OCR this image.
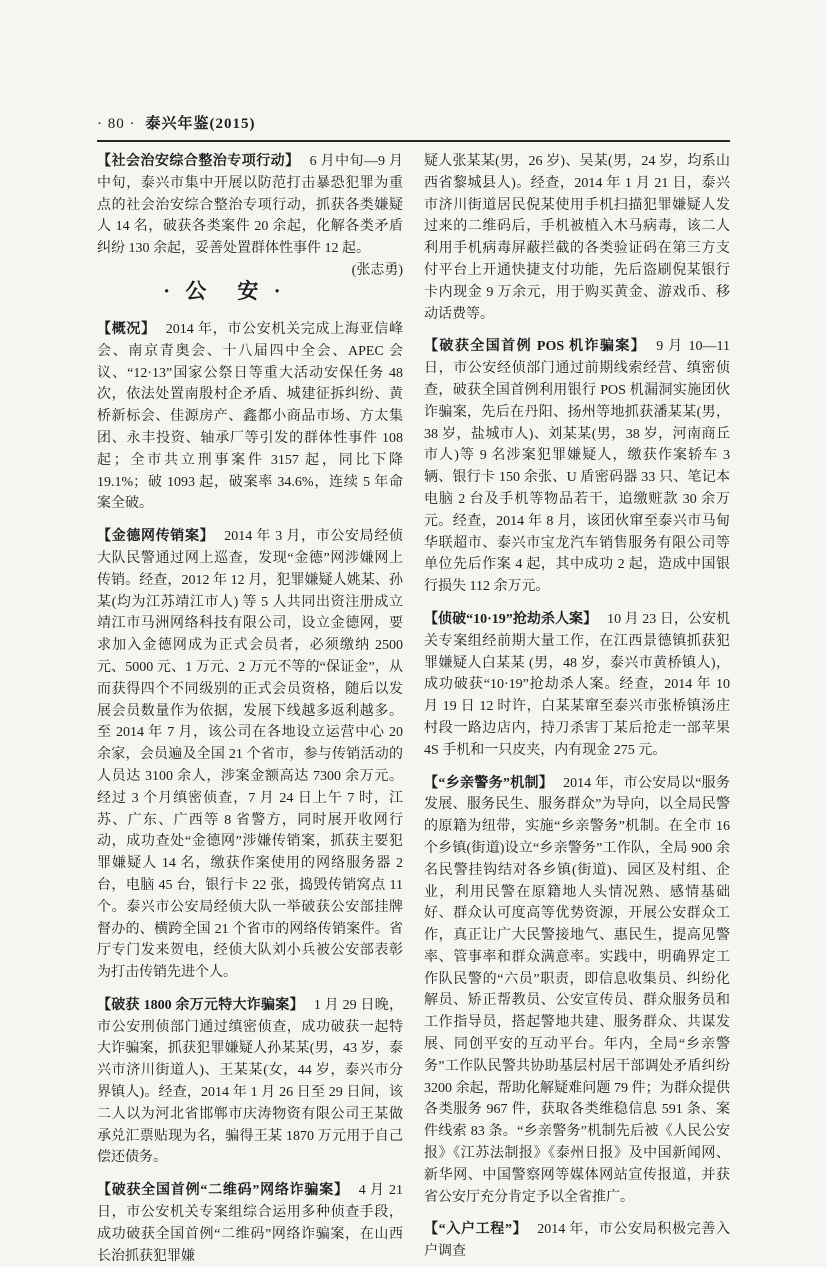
· 80 · 泰兴年鉴(2015)

【社会治安综合整治专项行动】 6 月中旬—9 月中旬，泰兴市集中开展以防范打击暴恐犯罪为重点的社会治安综合整治专项行动，抓获各类嫌疑人 14 名，破获各类案件 20 余起，化解各类矛盾纠纷 130 余起，妥善处置群体性事件 12 起。
(张志勇)

· 公　安 ·

【概况】 2014 年，市公安机关完成上海亚信峰会、南京青奥会、十八届四中全会、APEC 会议、“12·13”国家公祭日等重大活动安保任务 48 次，依法处置南殷村企矛盾、城建征拆纠纷、黄桥新标会、佳源房产、鑫都小商品市场、方太集团、永丰投资、轴承厂等引发的群体性事件 108 起；全市共立刑事案件 3157 起，同比下降 19.1%；破 1093 起，破案率 34.6%，连续 5 年命案全破。

【金德网传销案】 2014 年 3 月，市公安局经侦大队民警通过网上巡查，发现“金德”网涉嫌网上传销。经查，2012 年 12 月，犯罪嫌疑人姚某、孙某(均为江苏靖江市人) 等 5 人共同出资注册成立靖江市马洲网络科技有限公司，设立金德网，要求加入金德网成为正式会员者，必须缴纳 2500 元、5000 元、1 万元、2 万元不等的“保证金”，从而获得四个不同级别的正式会员资格，随后以发展会员数量作为依据，发展下线越多返利越多。至 2014 年 7 月，该公司在各地设立运营中心 20 余家，会员遍及全国 21 个省市，参与传销活动的人员达 3100 余人，涉案金额高达 7300 余万元。经过 3 个月缜密侦查，7 月 24 日上午 7 时，江苏、广东、广西等 8 省警方，同时展开收网行动，成功查处“金德网”涉嫌传销案，抓获主要犯罪嫌疑人 14 名，缴获作案使用的网络服务器 2 台，电脑 45 台，银行卡 22 张，捣毁传销窝点 11 个。泰兴市公安局经侦大队一举破获公安部挂牌督办的、横跨全国 21 个省市的网络传销案件。省厅专门发来贺电，经侦大队刘小兵被公安部表彰为打击传销先进个人。

【破获 1800 余万元特大诈骗案】 1 月 29 日晚，市公安刑侦部门通过缜密侦查，成功破获一起特大诈骗案，抓获犯罪嫌疑人孙某某(男，43 岁，泰兴市济川街道人)、王某某(女，44 岁，泰兴市分界镇人)。经查，2014 年 1 月 26 日至 29 日间，该二人以为河北省邯郸市庆涛物资有限公司王某做承兑汇票贴现为名，骗得王某 1870 万元用于自己偿还债务。

【破获全国首例“二维码”网络诈骗案】 4 月 21 日，市公安机关专案组综合运用多种侦查手段，成功破获全国首例“二维码”网络诈骗案，在山西长治抓获犯罪嫌

疑人张某某(男，26 岁)、吴某(男，24 岁，均系山西省黎城县人)。经查，2014 年 1 月 21 日，泰兴市济川街道居民倪某使用手机扫描犯罪嫌疑人发过来的二维码后，手机被植入木马病毒，该二人利用手机病毒屏蔽拦截的各类验证码在第三方支付平台上开通快捷支付功能，先后盗刷倪某银行卡内现金 9 万余元，用于购买黄金、游戏币、移动话费等。

【破获全国首例 POS 机诈骗案】 9 月 10—11 日，市公安经侦部门通过前期线索经营、缜密侦查，破获全国首例利用银行 POS 机漏洞实施团伙诈骗案，先后在丹阳、扬州等地抓获潘某某(男，38 岁，盐城市人)、刘某某(男，38 岁，河南商丘市人)等 9 名涉案犯罪嫌疑人，缴获作案轿车 3 辆、银行卡 150 余张、U 盾密码器 33 只、笔记本电脑 2 台及手机等物品若干，追缴赃款 30 余万元。经查，2014 年 8 月，该团伙窜至泰兴市马甸华联超市、泰兴市宝龙汽车销售服务有限公司等单位先后作案 4 起，其中成功 2 起，造成中国银行损失 112 余万元。

【侦破“10·19”抢劫杀人案】 10 月 23 日，公安机关专案组经前期大量工作，在江西景德镇抓获犯罪嫌疑人白某某 (男，48 岁，泰兴市黄桥镇人)，成功破获“10·19”抢劫杀人案。经查，2014 年 10 月 19 日 12 时许，白某某窜至泰兴市张桥镇汤庄村段一路边店内，持刀杀害丁某后抢走一部苹果 4S 手机和一只皮夹，内有现金 275 元。

【“乡亲警务”机制】 2014 年，市公安局以“服务发展、服务民生、服务群众”为导向，以全局民警的原籍为纽带，实施“乡亲警务”机制。在全市 16 个乡镇(街道)设立“乡亲警务”工作队，全局 900 余名民警挂钩结对各乡镇(街道)、园区及村组、企业，利用民警在原籍地人头情况熟、感情基础好、群众认可度高等优势资源，开展公安群众工作，真正让广大民警接地气、惠民生，提高见警率、管事率和群众满意率。实践中，明确界定工作队民警的“六员”职责，即信息收集员、纠纷化解员、矫正帮教员、公安宣传员、群众服务员和工作指导员，搭起警地共建、服务群众、共谋发展、同创平安的互动平台。年内，全局“乡亲警务”工作队民警共协助基层村居干部调处矛盾纠纷 3200 余起，帮助化解疑难问题 79 件；为群众提供各类服务 967 件，获取各类维稳信息 591 条、案件线索 83 条。“乡亲警务”机制先后被《人民公安报》《江苏法制报》《泰州日报》及中国新闻网、新华网、中国警察网等媒体网站宣传报道，并获省公安厅充分肯定予以全省推广。

【“入户工程”】 2014 年，市公安局积极完善入户调查
